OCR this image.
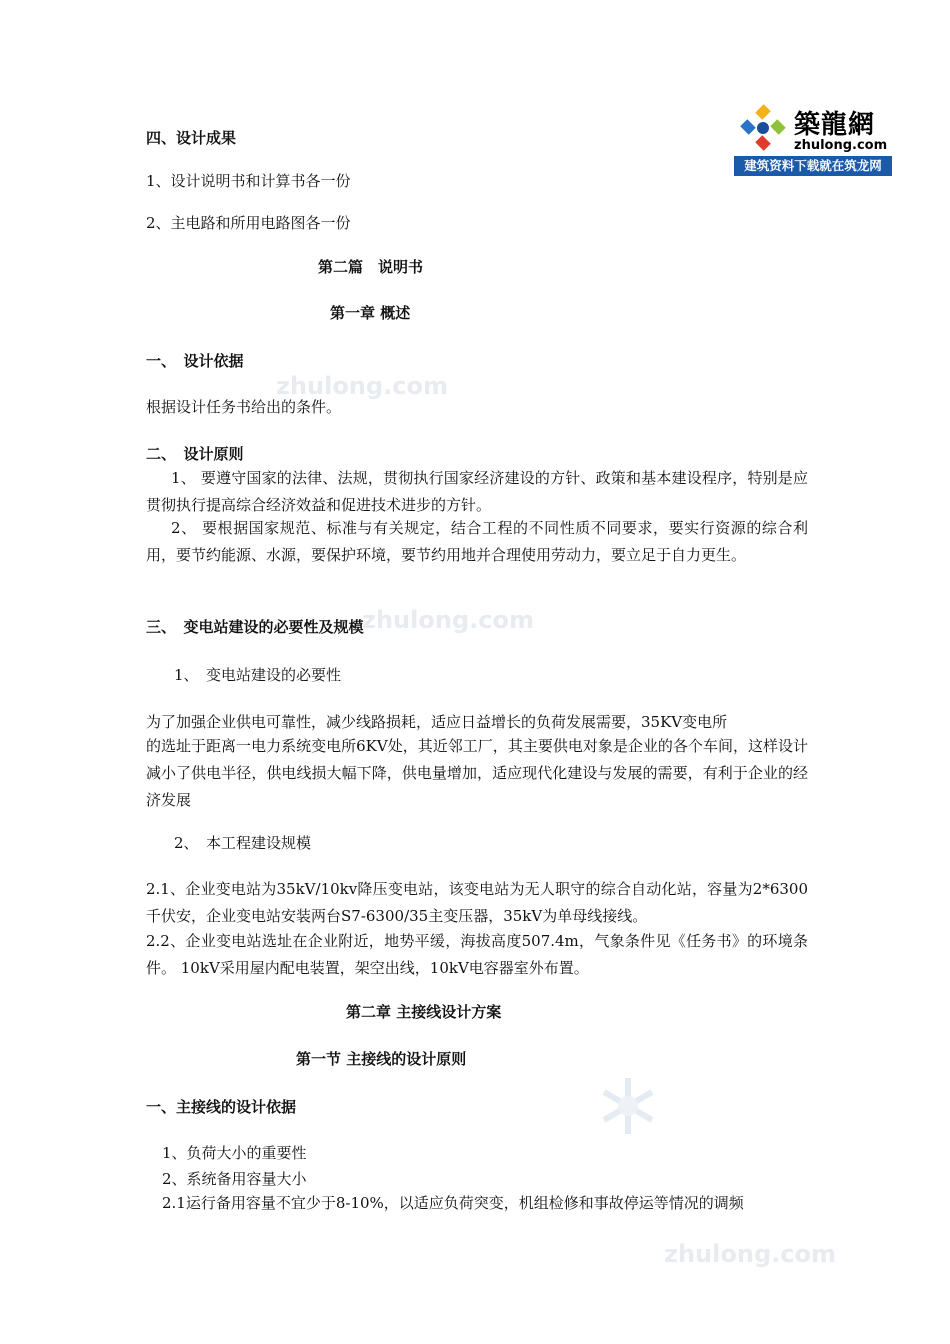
築龍網
zhulong.com
建筑资料下载就在筑龙网
zhulong.com
zhulong.com
zhulong.com
四、设计成果
1、设计说明书和计算书各一份
2、主电路和所用电路图各一份
第二篇　说明书
第一章 概述
一、　设计依据
根据设计任务书给出的条件。
二、　设计原则
1、 要遵守国家的法律、法规，贯彻执行国家经济建设的方针、政策和基本建设程序，特别是应贯彻执行提高综合经济效益和促进技术进步的方针。
2、 要根据国家规范、标准与有关规定，结合工程的不同性质不同要求，要实行资源的综合利用，要节约能源、水源，要保护环境，要节约用地并合理使用劳动力，要立足于自力更生。
三、　变电站建设的必要性及规模
1、　变电站建设的必要性
为了加强企业供电可靠性，减少线路损耗，适应日益增长的负荷发展需要，35KV变电所
的选址于距离一电力系统变电所6KV处，其近邻工厂，其主要供电对象是企业的各个车间，这样设计减小了供电半径，供电线损大幅下降，供电量增加，适应现代化建设与发展的需要，有利于企业的经济发展
2、　本工程建设规模
2.1、企业变电站为35kV/10kv降压变电站，该变电站为无人职守的综合自动化站，容量为2*6300千伏安，企业变电站安装两台S7-6300/35主变压器，35kV为单母线接线。
2.2、企业变电站选址在企业附近，地势平缓，海拔高度507.4m，气象条件见《任务书》的环境条件。 10kV采用屋内配电装置，架空出线，10kV电容器室外布置。
第二章 主接线设计方案
第一节 主接线的设计原则
一、主接线的设计依据
1、负荷大小的重要性
2、系统备用容量大小
2.1运行备用容量不宜少于8-10%，以适应负荷突变，机组检修和事故停运等情况的调频
